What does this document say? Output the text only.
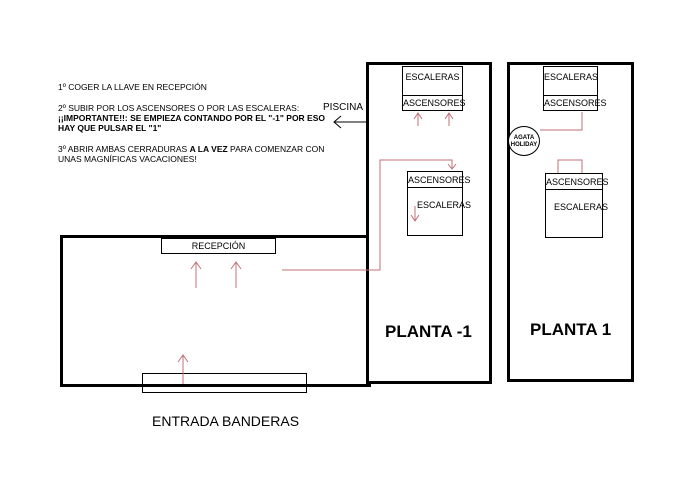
1º COGER LA LLAVE EN RECEPCIÓN
2º SUBIR POR LOS ASCENSORES O POR LAS ESCALERAS:
¡¡IMPORTANTE!!: SE EMPIEZA CONTANDO POR EL "-1" POR ESO
HAY QUE PULSAR EL "1"
3º ABRIR AMBAS CERRADURAS A LA VEZ PARA COMENZAR CON
UNAS MAGNÍFICAS VACACIONES!
RECEPCIÓN
ENTRADA BANDERAS
ESCALERAS
ASCENSORES
ASCENSORES
ESCALERAS
PLANTA -1
PISCINA
ESCALERAS
ASCENSORES
AGATA
HOLIDAY
ASCENSORES
ESCALERAS
PLANTA 1
